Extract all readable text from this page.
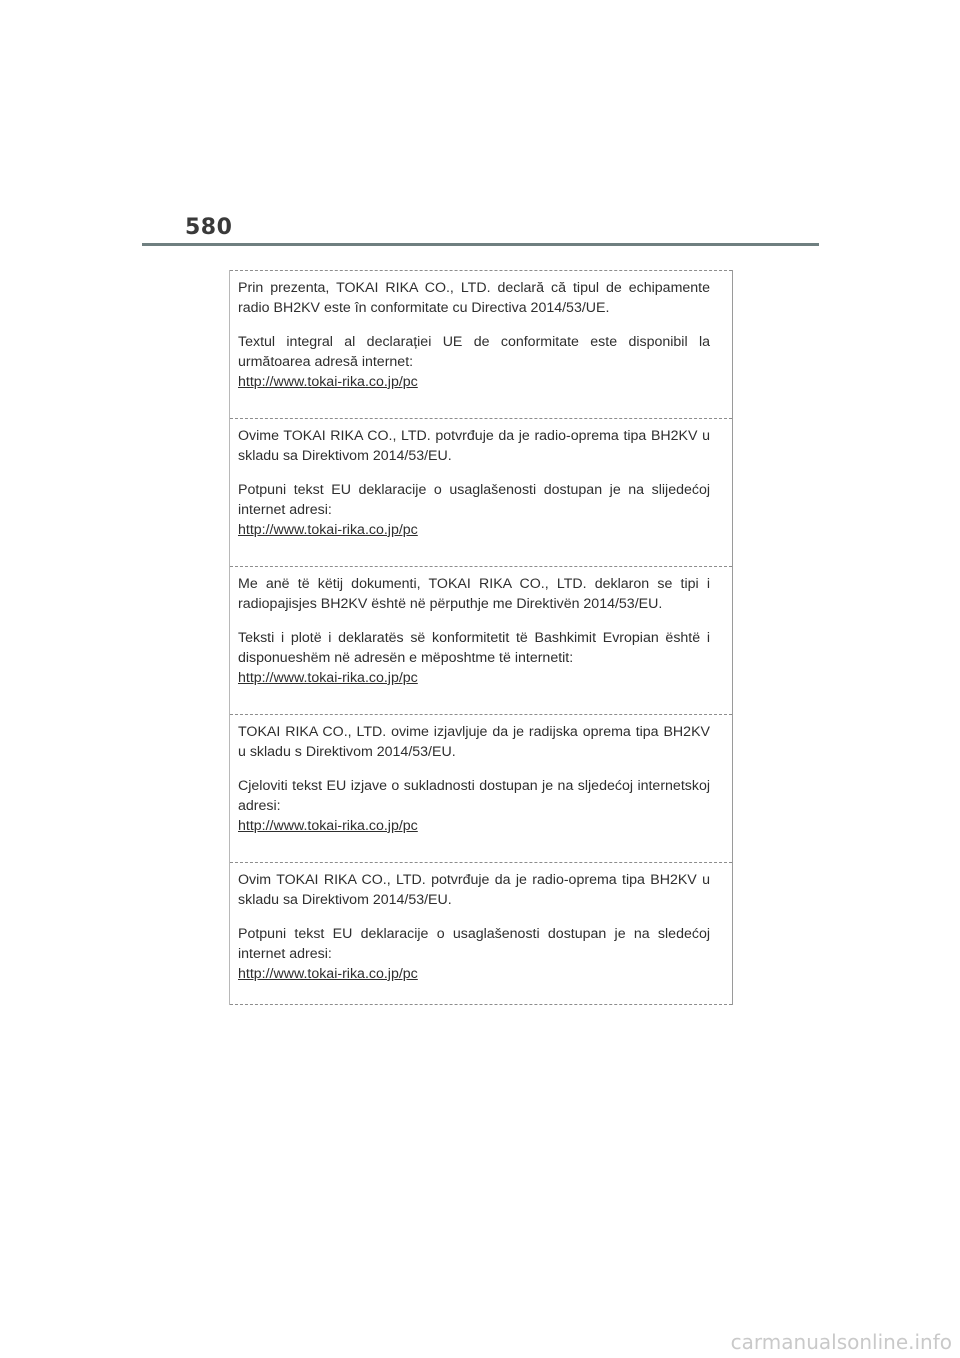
580

Prin prezenta, TOKAI RIKA CO., LTD. declară că tipul de echipamente radio BH2KV este în conformitate cu Directiva 2014/53/UE.

Textul integral al declarației UE de conformitate este disponibil la următoarea adresă internet:

http://www.tokai-rika.co.jp/pc

Ovime TOKAI RIKA CO., LTD. potvrđuje da je radio-oprema tipa BH2KV u skladu sa Direktivom 2014/53/EU.

Potpuni tekst EU deklaracije o usaglašenosti dostupan je na slijedećoj internet adresi:

http://www.tokai-rika.co.jp/pc

Me anë të këtij dokumenti, TOKAI RIKA CO., LTD. deklaron se tipi i radiopajisjes BH2KV është në përputhje me Direktivën 2014/53/EU.

Teksti i plotë i deklaratës së konformitetit të Bashkimit Evropian është i disponueshëm në adresën e mëposhtme të internetit:

http://www.tokai-rika.co.jp/pc

TOKAI RIKA CO., LTD. ovime izjavljuje da je radijska oprema tipa BH2KV u skladu s Direktivom 2014/53/EU.

Cjeloviti tekst EU izjave o sukladnosti dostupan je na sljedećoj internetskoj adresi:

http://www.tokai-rika.co.jp/pc

Ovim TOKAI RIKA CO., LTD. potvrđuje da je radio-oprema tipa BH2KV u skladu sa Direktivom 2014/53/EU.

Potpuni tekst EU deklaracije o usaglašenosti dostupan je na sledećoj internet adresi:

http://www.tokai-rika.co.jp/pc
carmanualsonline.info
